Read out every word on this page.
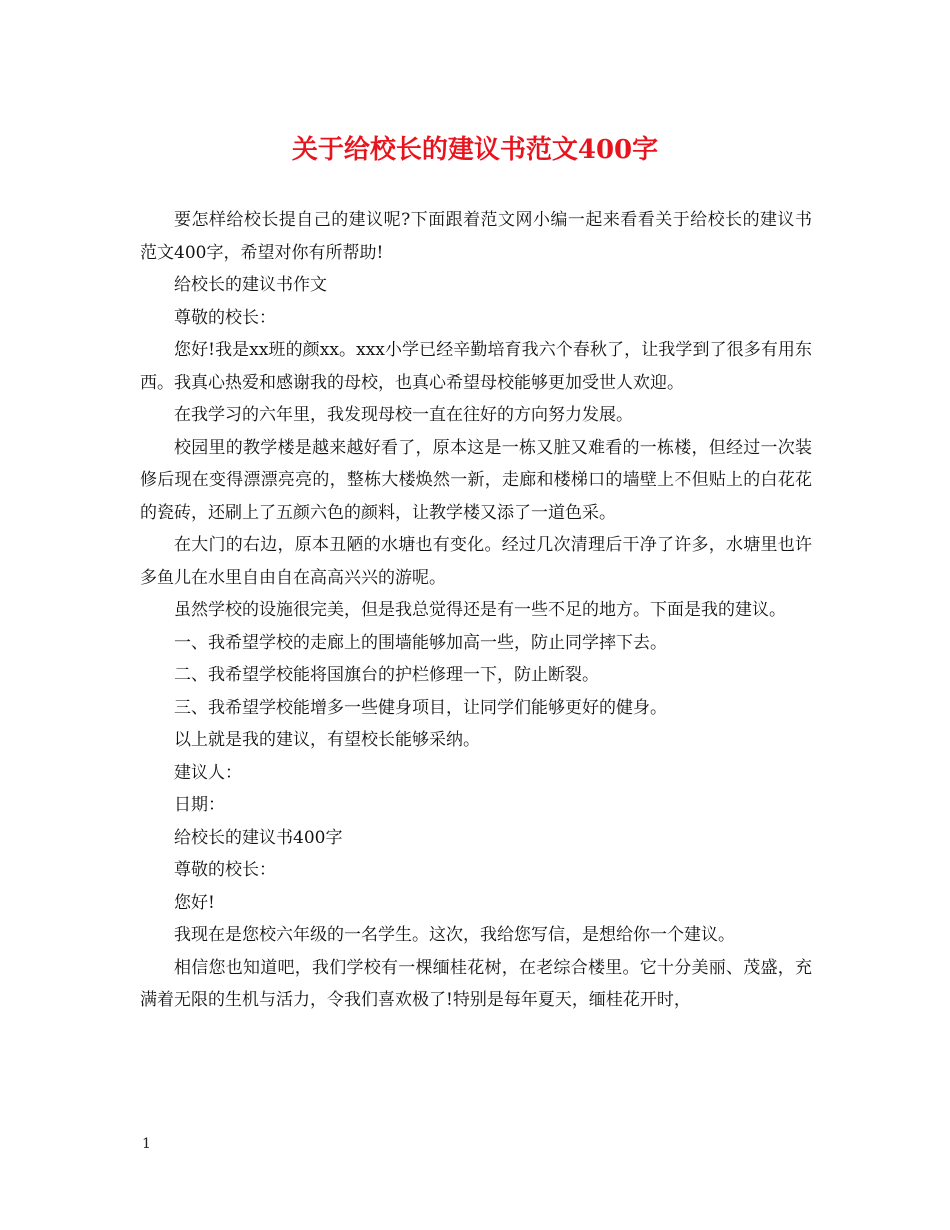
关于给校长的建议书范文400字

要怎样给校长提自己的建议呢?下面跟着范文网小编一起来看看关于给校长的建议书范文400字，希望对你有所帮助!

给校长的建议书作文

尊敬的校长：

您好!我是xx班的颜xx。xxx小学已经辛勤培育我六个春秋了，让我学到了很多有用东西。我真心热爱和感谢我的母校，也真心希望母校能够更加受世人欢迎。

在我学习的六年里，我发现母校一直在往好的方向努力发展。

校园里的教学楼是越来越好看了，原本这是一栋又脏又难看的一栋楼，但经过一次装修后现在变得漂漂亮亮的，整栋大楼焕然一新，走廊和楼梯口的墙壁上不但贴上的白花花的瓷砖，还刷上了五颜六色的颜料，让教学楼又添了一道色采。

在大门的右边，原本丑陋的水塘也有变化。经过几次清理后干净了许多，水塘里也许多鱼儿在水里自由自在高高兴兴的游呢。

虽然学校的设施很完美，但是我总觉得还是有一些不足的地方。下面是我的建议。

一、我希望学校的走廊上的围墙能够加高一些，防止同学摔下去。

二、我希望学校能将国旗台的护栏修理一下，防止断裂。

三、我希望学校能增多一些健身项目，让同学们能够更好的健身。

以上就是我的建议，有望校长能够采纳。

建议人：

日期：

给校长的建议书400字

尊敬的校长：

您好!

我现在是您校六年级的一名学生。这次，我给您写信，是想给你一个建议。

相信您也知道吧，我们学校有一棵缅桂花树，在老综合楼里。它十分美丽、茂盛，充满着无限的生机与活力，令我们喜欢极了!特别是每年夏天，缅桂花开时，

1
